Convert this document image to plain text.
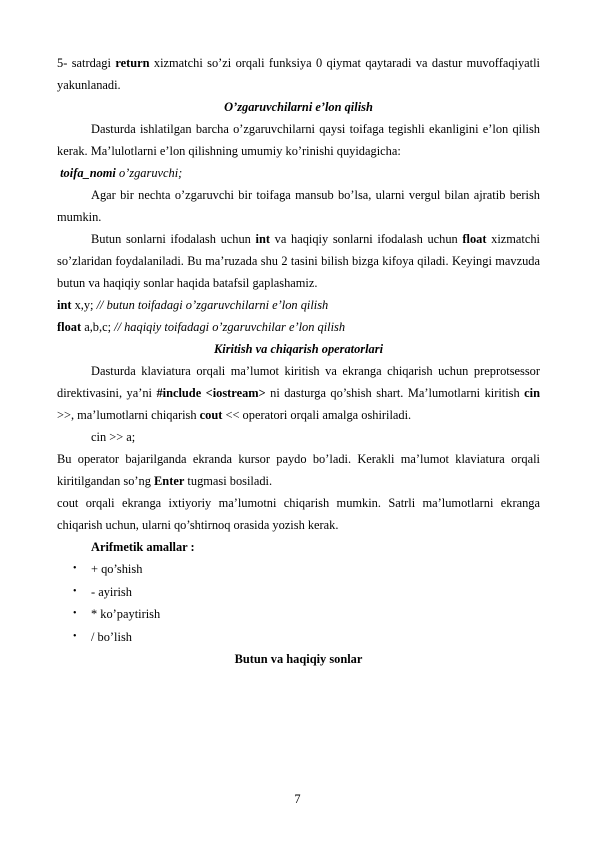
5- satrdagi return xizmatchi so’zi orqali funksiya 0 qiymat qaytaradi va dastur muvoffaqiyatli yakunlanadi.

O’zgaruvchilarni e’lon qilish

Dasturda ishlatilgan barcha o’zgaruvchilarni qaysi toifaga tegishli ekanligini e’lon qilish kerak. Ma’lulotlarni e’lon qilishning umumiy ko’rinishi quyidagicha:

toifa_nomi o’zgaruvchi;

Agar bir nechta o’zgaruvchi bir toifaga mansub bo’lsa, ularni vergul bilan ajratib berish mumkin.

Butun sonlarni ifodalash uchun int va haqiqiy sonlarni ifodalash uchun float xizmatchi so’zlaridan foydalaniladi. Bu ma’ruzada shu 2 tasini bilish bizga kifoya qiladi. Keyingi mavzuda butun va haqiqiy sonlar haqida batafsil gaplashamiz.

int x,y; // butun toifadagi o’zgaruvchilarni e’lon qilish

float a,b,c; // haqiqiy toifadagi o’zgaruvchilar e’lon qilish

Kiritish va chiqarish operatorlari

Dasturda klaviatura orqali ma’lumot kiritish va ekranga chiqarish uchun preprotsessor direktivasini, ya’ni #include <iostream> ni dasturga qo’shish shart. Ma’lumotlarni kiritish cin >>, ma’lumotlarni chiqarish cout << operatori orqali amalga oshiriladi.

cin >> a;

Bu operator bajarilganda ekranda kursor paydo bo’ladi. Kerakli ma’lumot klaviatura orqali kiritilgandan so’ng Enter tugmasi bosiladi.

cout orqali ekranga ixtiyoriy ma’lumotni chiqarish mumkin. Satrli ma’lumotlarni ekranga chiqarish uchun, ularni qo’shtirnoq orasida yozish kerak.

Arifmetik amallar :

• + qo’shish
• - ayirish
• * ko’paytirish
• / bo’lish

Butun va haqiqiy sonlar

7
